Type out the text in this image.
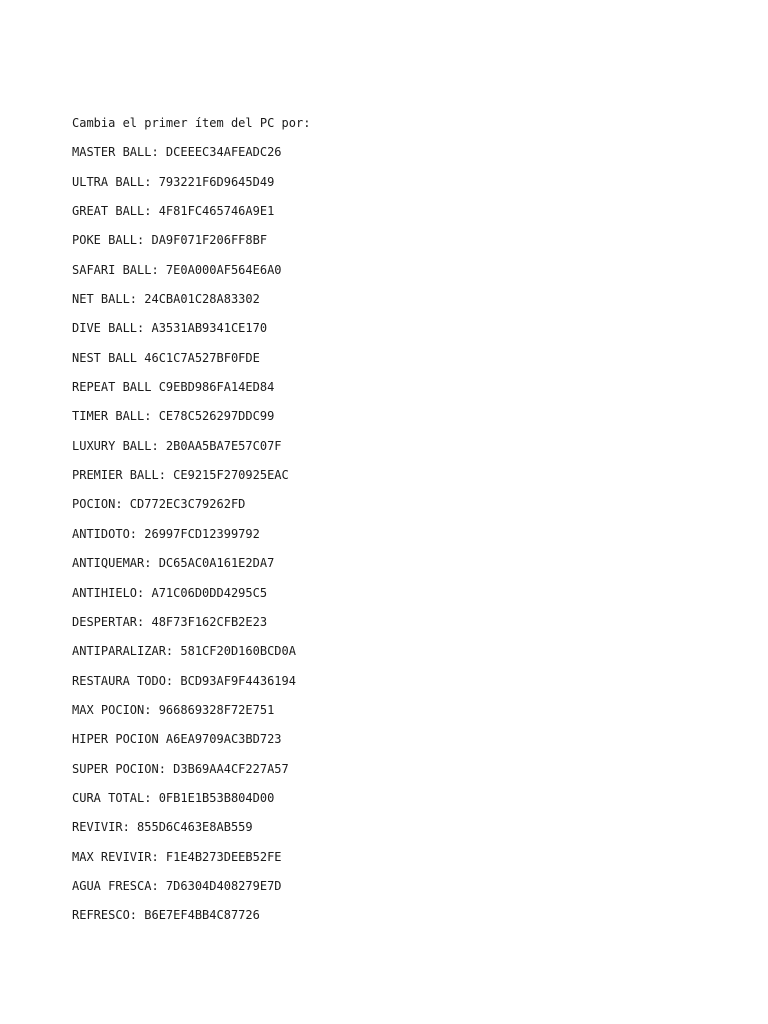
Cambia el primer ítem del PC por:
MASTER BALL: DCEEEC34AFEADC26
ULTRA BALL: 793221F6D9645D49
GREAT BALL: 4F81FC465746A9E1
POKE BALL: DA9F071F206FF8BF
SAFARI BALL: 7E0A000AF564E6A0
NET BALL: 24CBA01C28A83302
DIVE BALL: A3531AB9341CE170
NEST BALL 46C1C7A527BF0FDE
REPEAT BALL C9EBD986FA14ED84
TIMER BALL: CE78C526297DDC99
LUXURY BALL: 2B0AA5BA7E57C07F
PREMIER BALL: CE9215F270925EAC
POCION: CD772EC3C79262FD
ANTIDOTO: 26997FCD12399792
ANTIQUEMAR: DC65AC0A161E2DA7
ANTIHIELO: A71C06D0DD4295C5
DESPERTAR: 48F73F162CFB2E23
ANTIPARALIZAR: 581CF20D160BCD0A
RESTAURA TODO: BCD93AF9F4436194
MAX POCION: 966869328F72E751
HIPER POCION A6EA9709AC3BD723
SUPER POCION: D3B69AA4CF227A57
CURA TOTAL: 0FB1E1B53B804D00
REVIVIR: 855D6C463E8AB559
MAX REVIVIR: F1E4B273DEEB52FE
AGUA FRESCA: 7D6304D408279E7D
REFRESCO: B6E7EF4BB4C87726
